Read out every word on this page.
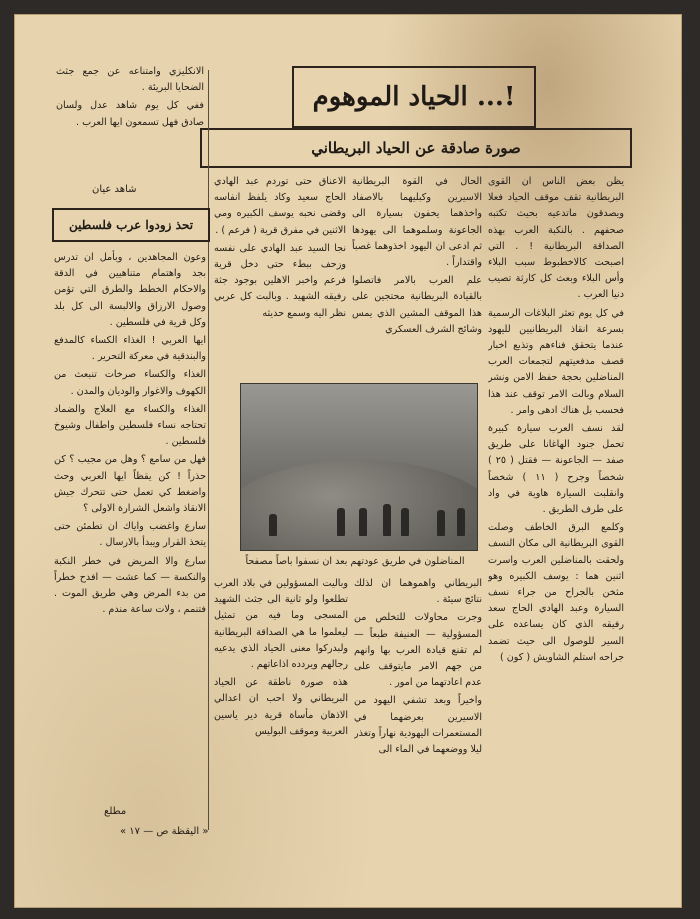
الحياد الموهوم ...!
صورة صادقة عن الحياد البريطاني

يظن بعض الناس ان القوى البريطانية تقف موقف الحياد فعلا ويصدقون ماتدعيه بحيث تكتبه صحفهم . بالنكبة العرب بهذه الصداقة البريطانية ! . التي اصبحت كالاخطبوط سبب البلاء وأس البلاء وبعث كل كارثة تصيب دنيا العرب .

في كل يوم تعثر البلاغات الرسمية بسرعة انقاذ البريطانيين لليهود عندما يتحقق فناءهم وتذيع اخبار قصف مدفعيتهم لتجمعات العرب المناضلين بحجة حفظ الامن ونشر السلام وبالت الامر توقف عند هذا فحسب بل هناك ادهى وامر .

لقد نسف العرب سيارة كبيرة تحمل جنود الهاغانا على طريق صفد — الجاعونة — فقتل ( ٢٥ ) شخصاً وجرح ( ١١ ) شخصاً وانقلبت السيارة هاوية في واد على طرف الطريق .

وكلمع البرق الخاطف وصلت القوى البريطانية الى مكان النسف ولحقت بالمناضلين العرب واسرت اثنين هما : يوسف الكبيره وهو مثخن بالجراح من جراء نسف السيارة وعبد الهادي الحاج سعد رفيقه الذي كان يساعده على السير للوصول الى حيث تضمد جراحه استلم الشاويش ( كون )

الحال في القوة البريطانية الاسيرين وكبليهما بالاصفاد واخذهما يحفون بسيارة الى الجاعونة وسلموهما الى يهودها ثم ادعى ان اليهود اخذوهما غصباً واقتداراً .

علم العرب بالامر فاتصلوا بالقيادة البريطانية محتجين على هذا الموقف المشين الذي يمس وشائج الشرف العسكري

الاعناق حتى توردم عبد الهادي الحاج سعيد وكاد يلفظ انفاسه وقضى نحبه يوسف الكبيره ومي الاثنين في مفرق قرية ( فرعم ) .

نجا السيد عبد الهادي على نفسه وزحف ببطء حتى دخل قرية فرعم واخبر الاهلين بوجود جثة رفيقه الشهيد . وبالبت كل عربي نظر اليه وسمع حديثه

المناضلون في طريق عودتهم بعد ان نسفوا باصاً مصفحاً

البريطاني واهموهما ان لذلك نتائج سيئة .

وجرت محاولات للتخلص من المسؤولية — العنيفة طبعاً — لم تقنع قيادة العرب بها وانهم من جهم الامر مايتوقف على عدم اعادتهما من امور .

واخيراً وبعد تشفي اليهود من الاسيرين بعرضهما في المستعمرات اليهودية نهاراً وتغذر ليلا ووضعهما في الماء الى

وباليت المسؤولين في بلاد العرب تطلعوا ولو ثانية الى جثث الشهيد المسجى وما فيه من تمثيل ليعلموا ما هي الصداقة البريطانية ولبدركوا معنى الحياد الذي يدعيه رجالهم ويردده اذاعاتهم .

هذه صورة ناطقة عن الحياد البريطاني ولا احب ان اعدالي الاذهان مأساة قرية دير ياسين العربية وموقف البوليس

الانكليزي وامتناعه عن جمع جثث الضحايا البريئة .

ففي كل يوم شاهد عدل ولسان صادق فهل تسمعون ايها العرب .

شاهد عيان
تحذ زودوا عرب فلسطين

وعون المجاهدين ، وبأمل ان تدرس بجد واهتمام متناهيين في الدقة والاحكام الخطط والطرق التي تؤمن وصول الارزاق والالبسة الى كل بلد وكل قرية في فلسطين .

ايها العربي ! الغذاء الكساء كالمدفع والبندقية في معركة التحرير .

الغذاء والكساء صرخات تنبعث من الكهوف والاغوار والوديان والمدن .

الغذاء والكساء مع العلاج والضماد تحتاجه نساء فلسطين واطفال وشيوخ فلسطين .

فهل من سامع ؟ وهل من مجيب ؟ كن حذراً ! كن يقظاً ايها العربي وحث واضغط كي تعمل حتى تتحرك جيش الانقاذ واشعل الشرارة الاولى ؟

سارع واغضب واياك ان تطمئن حتى يتخذ القرار ويبدأ بالارسال .

سارع والا المريض في خطر النكبة والنكسة — كما عشت — افدح خطراً من بدء المرض وهي طريق الموت . فتنمم ، ولات ساعة مندم .

مطلع
« اليقظة ص — ١٧ »
